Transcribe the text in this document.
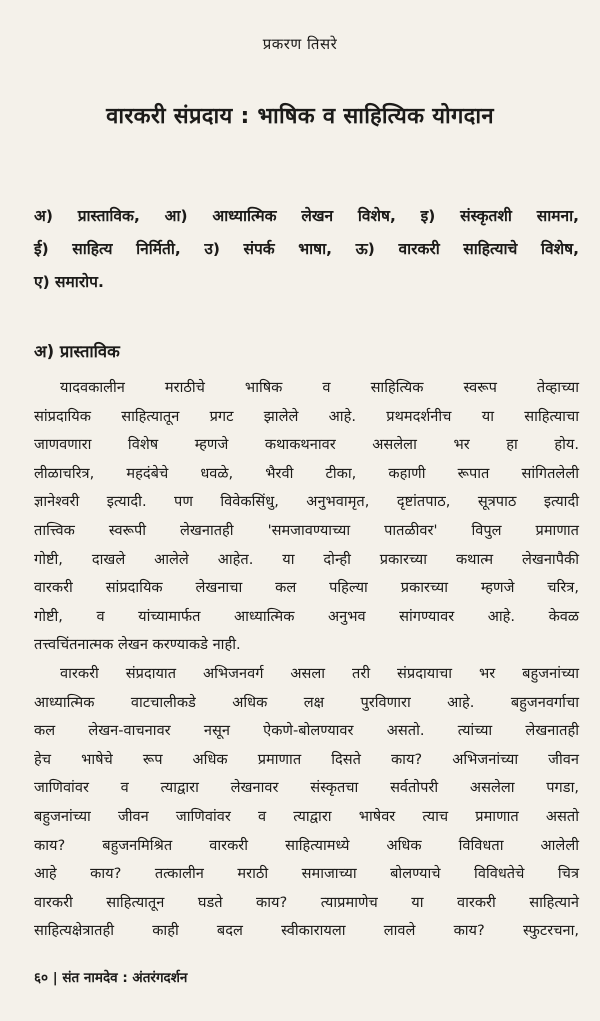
प्रकरण तिसरे
वारकरी संप्रदाय : भाषिक व साहित्यिक योगदान
अ) प्रास्ताविक, आ) आध्यात्मिक लेखन विशेष, इ) संस्कृतशी सामना,
ई) साहित्य निर्मिती, उ) संपर्क भाषा, ऊ) वारकरी साहित्याचे विशेष,
ए) समारोप.
अ) प्रास्ताविक

यादवकालीन मराठीचे भाषिक व साहित्यिक स्वरूप तेव्हाच्या
सांप्रदायिक साहित्यातून प्रगट झालेले आहे. प्रथमदर्शनीच या साहित्याचा
जाणवणारा विशेष म्हणजे कथाकथनावर असलेला भर हा होय.
लीळाचरित्र, महदंबेचे धवळे, भैरवी टीका, कहाणी रूपात सांगितलेली
ज्ञानेश्वरी इत्यादी. पण विवेकसिंधु, अनुभवामृत, दृष्टांतपाठ, सूत्रपाठ इत्यादी
तात्त्विक स्वरूपी लेखनातही 'समजावण्याच्या पातळीवर' विपुल प्रमाणात
गोष्टी, दाखले आलेले आहेत. या दोन्ही प्रकारच्या कथात्म लेखनापैकी
वारकरी सांप्रदायिक लेखनाचा कल पहिल्या प्रकारच्या म्हणजे चरित्र,
गोष्टी, व यांच्यामार्फत आध्यात्मिक अनुभव सांगण्यावर आहे. केवळ
तत्त्वचिंतनात्मक लेखन करण्याकडे नाही.

वारकरी संप्रदायात अभिजनवर्ग असला तरी संप्रदायाचा भर बहुजनांच्या
आध्यात्मिक वाटचालीकडे अधिक लक्ष पुरविणारा आहे. बहुजनवर्गाचा
कल लेखन-वाचनावर नसून ऐकणे-बोलण्यावर असतो. त्यांच्या लेखनातही
हेच भाषेचे रूप अधिक प्रमाणात दिसते काय? अभिजनांच्या जीवन
जाणिवांवर व त्याद्वारा लेखनावर संस्कृतचा सर्वतोपरी असलेला पगडा,
बहुजनांच्या जीवन जाणिवांवर व त्याद्वारा भाषेवर त्याच प्रमाणात असतो
काय? बहुजनमिश्रित वारकरी साहित्यामध्ये अधिक विविधता आलेली
आहे काय? तत्कालीन मराठी समाजाच्या बोलण्याचे विविधतेचे चित्र
वारकरी साहित्यातून घडते काय? त्याप्रमाणेच या वारकरी साहित्याने
साहित्यक्षेत्रातही काही बदल स्वीकारायला लावले काय? स्फुटरचना,

६० | संत नामदेव : अंतरंगदर्शन
